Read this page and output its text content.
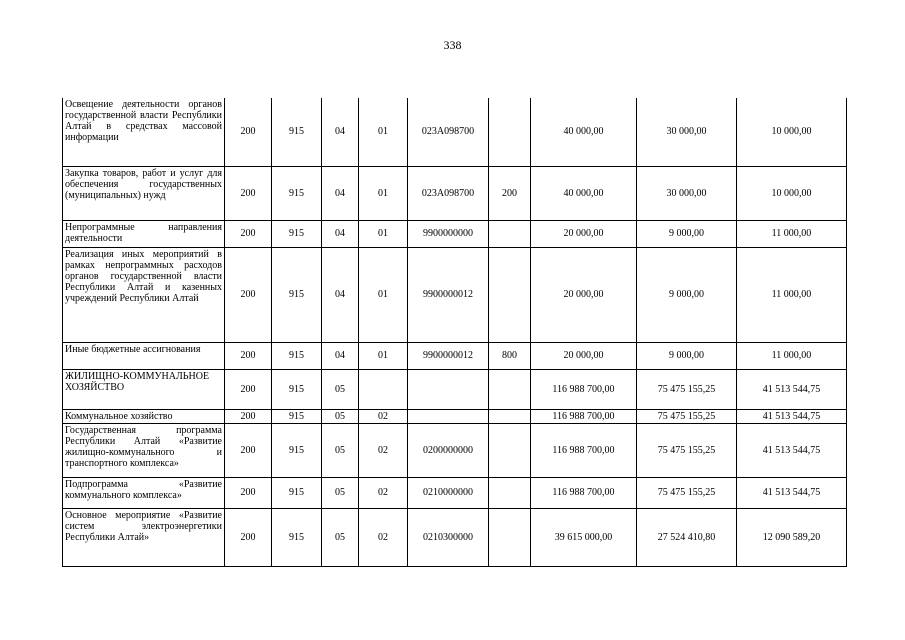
338
Освещение деятельности органов государственной власти Республики Алтай в средствах массовой информации	200	915	04	01	023A098700		40 000,00	30 000,00	10 000,00
Закупка товаров, работ и услуг для обеспечения государственных (муниципальных) нужд	200	915	04	01	023A098700	200	40 000,00	30 000,00	10 000,00
Непрограммные направления деятельности	200	915	04	01	9900000000		20 000,00	9 000,00	11 000,00
Реализация иных мероприятий в рамках непрограммных расходов органов государственной власти Республики Алтай и казенных учреждений Республики Алтай	200	915	04	01	9900000012		20 000,00	9 000,00	11 000,00
Иные бюджетные ассигнования	200	915	04	01	9900000012	800	20 000,00	9 000,00	11 000,00
ЖИЛИЩНО-КОММУНАЛЬНОЕ ХОЗЯЙСТВО	200	915	05				116 988 700,00	75 475 155,25	41 513 544,75
Коммунальное хозяйство	200	915	05	02			116 988 700,00	75 475 155,25	41 513 544,75
Государственная программа Республики Алтай «Развитие жилищно-коммунального и транспортного комплекса»	200	915	05	02	0200000000		116 988 700,00	75 475 155,25	41 513 544,75
Подпрограмма «Развитие коммунального комплекса»	200	915	05	02	0210000000		116 988 700,00	75 475 155,25	41 513 544,75
Основное мероприятие «Развитие систем электроэнергетики Республики Алтай»	200	915	05	02	0210300000		39 615 000,00	27 524 410,80	12 090 589,20
